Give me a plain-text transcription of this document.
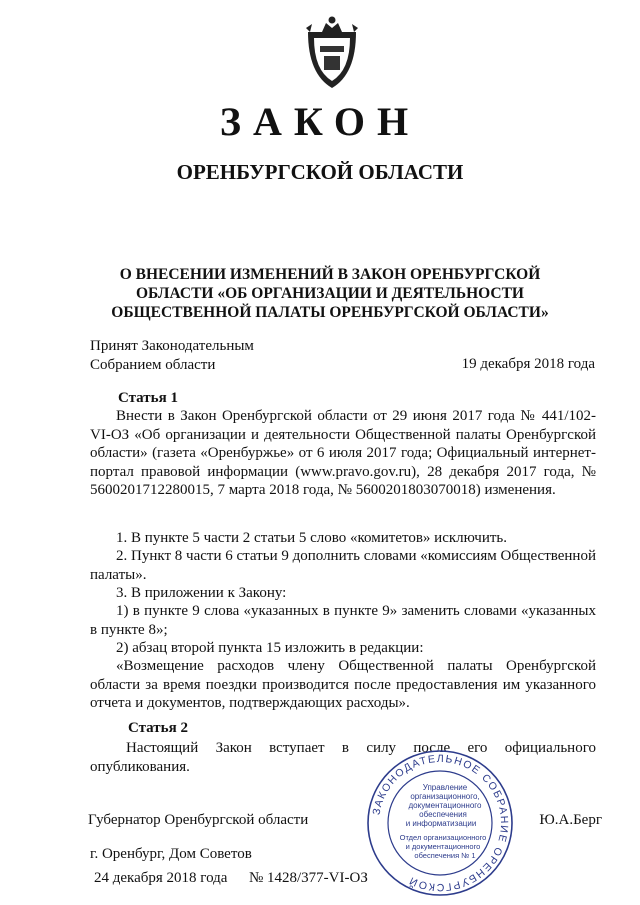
ЗАКОН
ОРЕНБУРГСКОЙ ОБЛАСТИ
О ВНЕСЕНИИ ИЗМЕНЕНИЙ В ЗАКОН ОРЕНБУРГСКОЙ
ОБЛАСТИ «ОБ ОРГАНИЗАЦИИ И ДЕЯТЕЛЬНОСТИ
ОБЩЕСТВЕННОЙ ПАЛАТЫ ОРЕНБУРГСКОЙ ОБЛАСТИ»
Принят Законодательным
Собранием области	19 декабря 2018 года
Статья 1
Внести в Закон Оренбургской области от 29 июня 2017 года № 441/102-VI-ОЗ «Об организации и деятельности Общественной палаты Оренбургской области» (газета «Оренбуржье» от 6 июля 2017 года; Официальный интернет-портал правовой информации (www.pravo.gov.ru), 28 декабря 2017 года, № 5600201712280015, 7 марта 2018 года, № 5600201803070018) изменения.
1. В пункте 5 части 2 статьи 5 слово «комитетов» исключить.
2. Пункт 8 части 6 статьи 9 дополнить словами «комиссиям Общественной палаты».
3. В приложении к Закону:
1) в пункте 9 слова «указанных в пункте 9» заменить словами «указанных в пункте 8»;
2) абзац второй пункта 15 изложить в редакции:
«Возмещение расходов члену Общественной палаты Оренбургской области за время поездки производится после предоставления им указанного отчета и документов, подтверждающих расходы».
Статья 2
Настоящий Закон вступает в силу после его официального опубликования.
ЗАКОНОДАТЕЛЬНОЕ СОБРАНИЕ ОРЕНБУРГСКОЙ
Управление
организационного,
документационного
обеспечения
и информатизации
Отдел организационного
и документационного
обеспечения № 1
Губернатор Оренбургской области	Ю.А.Берг
г. Оренбург, Дом Советов
24 декабря 2018 года № 1428/377-VI-ОЗ
